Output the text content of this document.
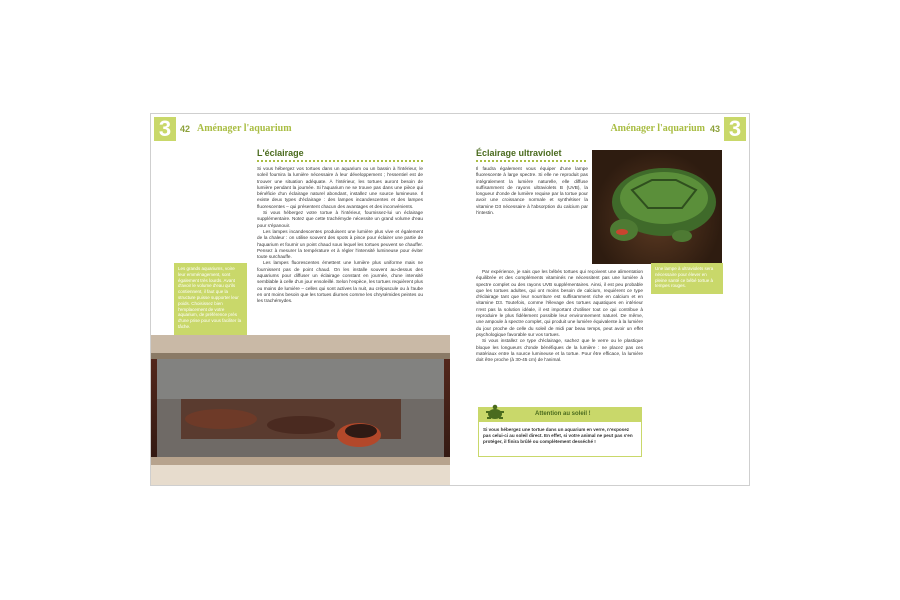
3 42 Aménager l'aquarium	Aménager l'aquarium 43 3
L'éclairage

Si vous hébergez vos tortues dans un aquarium ou un bassin à l'intérieur, le soleil fournira la lumière nécessaire à leur développement ; l'essentiel est de trouver une situation adéquate. À l'intérieur, les tortues auront besoin de lumière pendant la journée. Si l'aquarium ne se trouve pas dans une pièce qui bénéficie d'un éclairage naturel abondant, installez une source lumineuse. Il existe deux types d'éclairage : des lampes incandescentes et des lampes fluorescentes – qui présentent chacun des avantages et des inconvénients.

Si vous hébergez votre tortue à l'intérieur, fournissez-lui un éclairage supplémentaire. Notez que cette trachémyde nécessite un grand volume d'eau pour s'épanouir.

Les lampes incandescentes produisent une lumière plus vive et également de la chaleur : on utilise souvent des spots à pince pour éclairer une partie de l'aquarium et fournir un point chaud sous lequel les tortues peuvent se chauffer. Pensez à mesurer la température et à régler l'intensité lumineuse pour éviter toute surchauffe.

Les lampes fluorescentes émettent une lumière plus uniforme mais ne fournissent pas de point chaud. On les installe souvent au-dessus des aquariums pour diffuser un éclairage constant en journée, d'une intensité semblable à celle d'un jour ensoleillé. Selon l'espèce, les tortues requièrent plus ou moins de lumière – celles qui sont actives la nuit, au crépuscule ou à l'aube en ont moins besoin que les tortues diurnes comme les chrysémides peintes ou les trachémydes.

Les grands aquariums, voire leur emménagement, sont également très lourds. Avant d'avoir le volume d'eau qu'ils contiennent, il faut que la structure puisse supporter leur poids. Choisissez bien l'emplacement de votre aquarium, de préférence près d'une prise pour vous faciliter la tâche.
Éclairage ultraviolet

Il faudra également vous équiper d'une lampe fluorescente à large spectre. Si elle ne reproduit pas intégralement la lumière naturelle, elle diffuse suffisamment de rayons ultraviolets B (UVB), la longueur d'onde de lumière requise par la tortue pour avoir une croissance normale et synthétiser la vitamine D3 nécessaire à l'absorption du calcium par l'intestin.

Par expérience, je sais que les bébés tortues qui reçoivent une alimentation équilibrée et des compléments vitaminés ne nécessitent pas une lumière à spectre complet ou des rayons UVB supplémentaires. Ainsi, il est peu probable que les tortues adultes, qui ont moins besoin de calcium, requièrent ce type d'éclairage tant que leur nourriture est suffisamment riche en calcium et en vitamine D3. Toutefois, comme l'élevage des tortues aquatiques en intérieur n'est pas la solution idéale, il est important d'utiliser tout ce qui contribue à reproduire le plus fidèlement possible leur environnement naturel. De même, une ampoule à spectre complet, qui produit une lumière équivalente à la lumière du jour proche de celle du soleil de midi par beau temps, peut avoir un effet psychologique favorable sur vos tortues.

Si vous installez ce type d'éclairage, sachez que le verre ou le plastique bloque les longueurs d'onde bénéfiques de la lumière : ne placez pas ces matériaux entre la source lumineuse et la tortue. Pour être efficace, la lumière doit être proche (à 30-45 cm) de l'animal.

Une lampe à ultraviolets sera nécessaire pour élever en pleine santé ce bébé tortue à tempes rouges.
Attention au soleil !
Si vous hébergez une tortue dans un aquarium en verre, n'exposez pas celui-ci au soleil direct. En effet, si votre animal ne peut pas s'en protéger, il finira brûlé ou complètement desséché !
